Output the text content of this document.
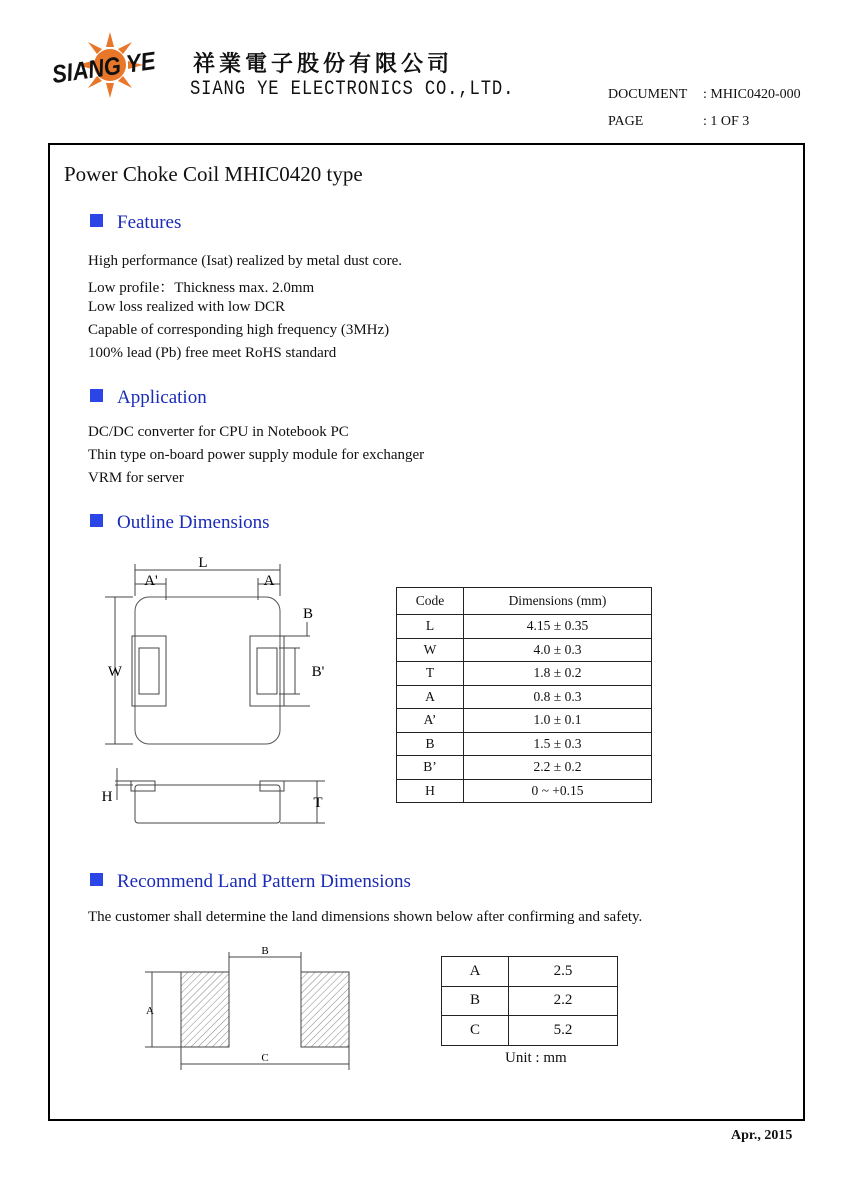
SIANG YE 祥業電子股份有限公司
SIANG YE ELECTRONICS CO.,LTD.	DOCUMENT : MHIC0420-000
PAGE	: 1 OF 3
Power Choke Coil MHIC0420 type
Features
High performance (Isat) realized by metal dust core.
Low profile：Thickness max. 2.0mm
Low loss realized with low DCR
Capable of corresponding high frequency (3MHz)
100% lead (Pb) free meet RoHS standard
Application
DC/DC converter for CPU in Notebook PC
Thin type on-board power supply module for exchanger
VRM for server
Outline Dimensions
L
A'	A
B
B'
W
H	T
Code	Dimensions (mm)
L	4.15 ± 0.35
W	4.0 ± 0.3
T	1.8 ± 0.2
A	0.8 ± 0.3
A’	1.0 ± 0.1
B	1.5 ± 0.3
B’	2.2 ± 0.2
H	0 ~ +0.15
Recommend Land Pattern Dimensions
The customer shall determine the land dimensions shown below after confirming and safety.
B
A
C
A	2.5
B	2.2
C	5.2
Unit : mm
Apr., 2015
